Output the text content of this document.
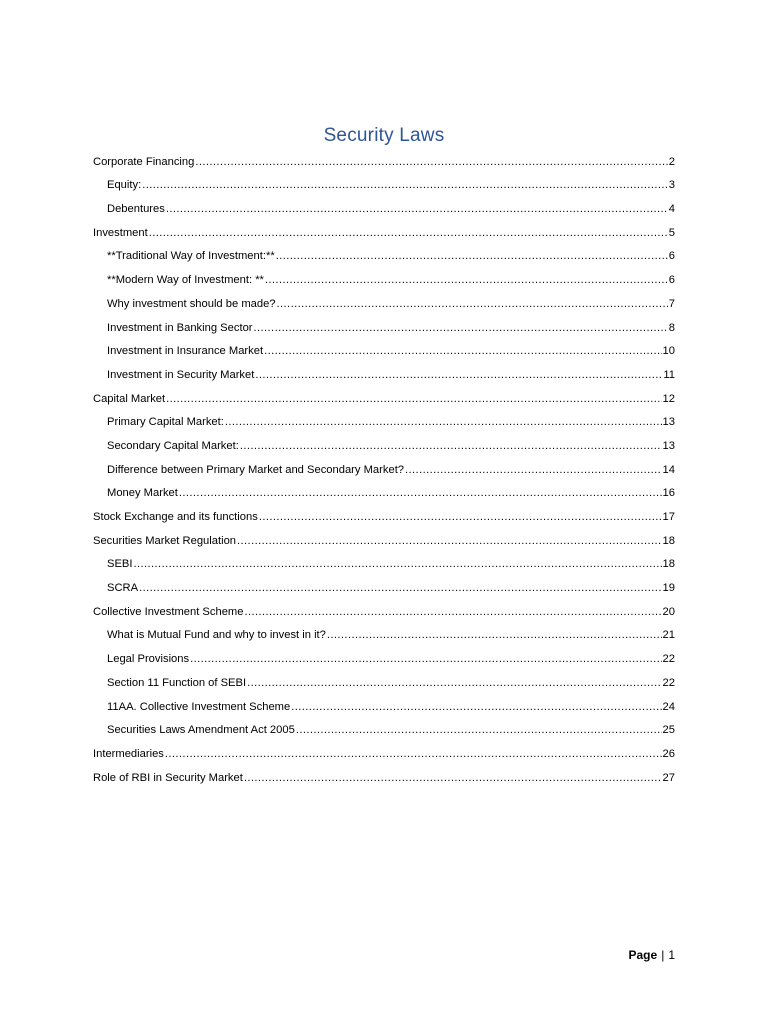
Security Laws
Corporate Financing .....	2
Equity: .....	3
Debentures .....	4
Investment .....	5
**Traditional Way of Investment:** .....	6
**Modern Way of Investment: ** .....	6
Why investment should be made? .....	7
Investment in Banking Sector .....	8
Investment in Insurance Market .....	10
Investment in Security Market .....	11
Capital Market .....	12
Primary Capital Market: .....	13
Secondary Capital Market: .....	13
Difference between Primary Market and Secondary Market? .....	14
Money Market .....	16
Stock Exchange and its functions .....	17
Securities Market Regulation .....	18
SEBI .....	18
SCRA .....	19
Collective Investment Scheme .....	20
What is Mutual Fund and why to invest in it? .....	21
Legal Provisions .....	22
Section 11 Function of SEBI .....	22
11AA. Collective Investment Scheme .....	24
Securities Laws Amendment Act 2005 .....	25
Intermediaries .....	26
Role of RBI in Security Market .....	27
Page | 1
